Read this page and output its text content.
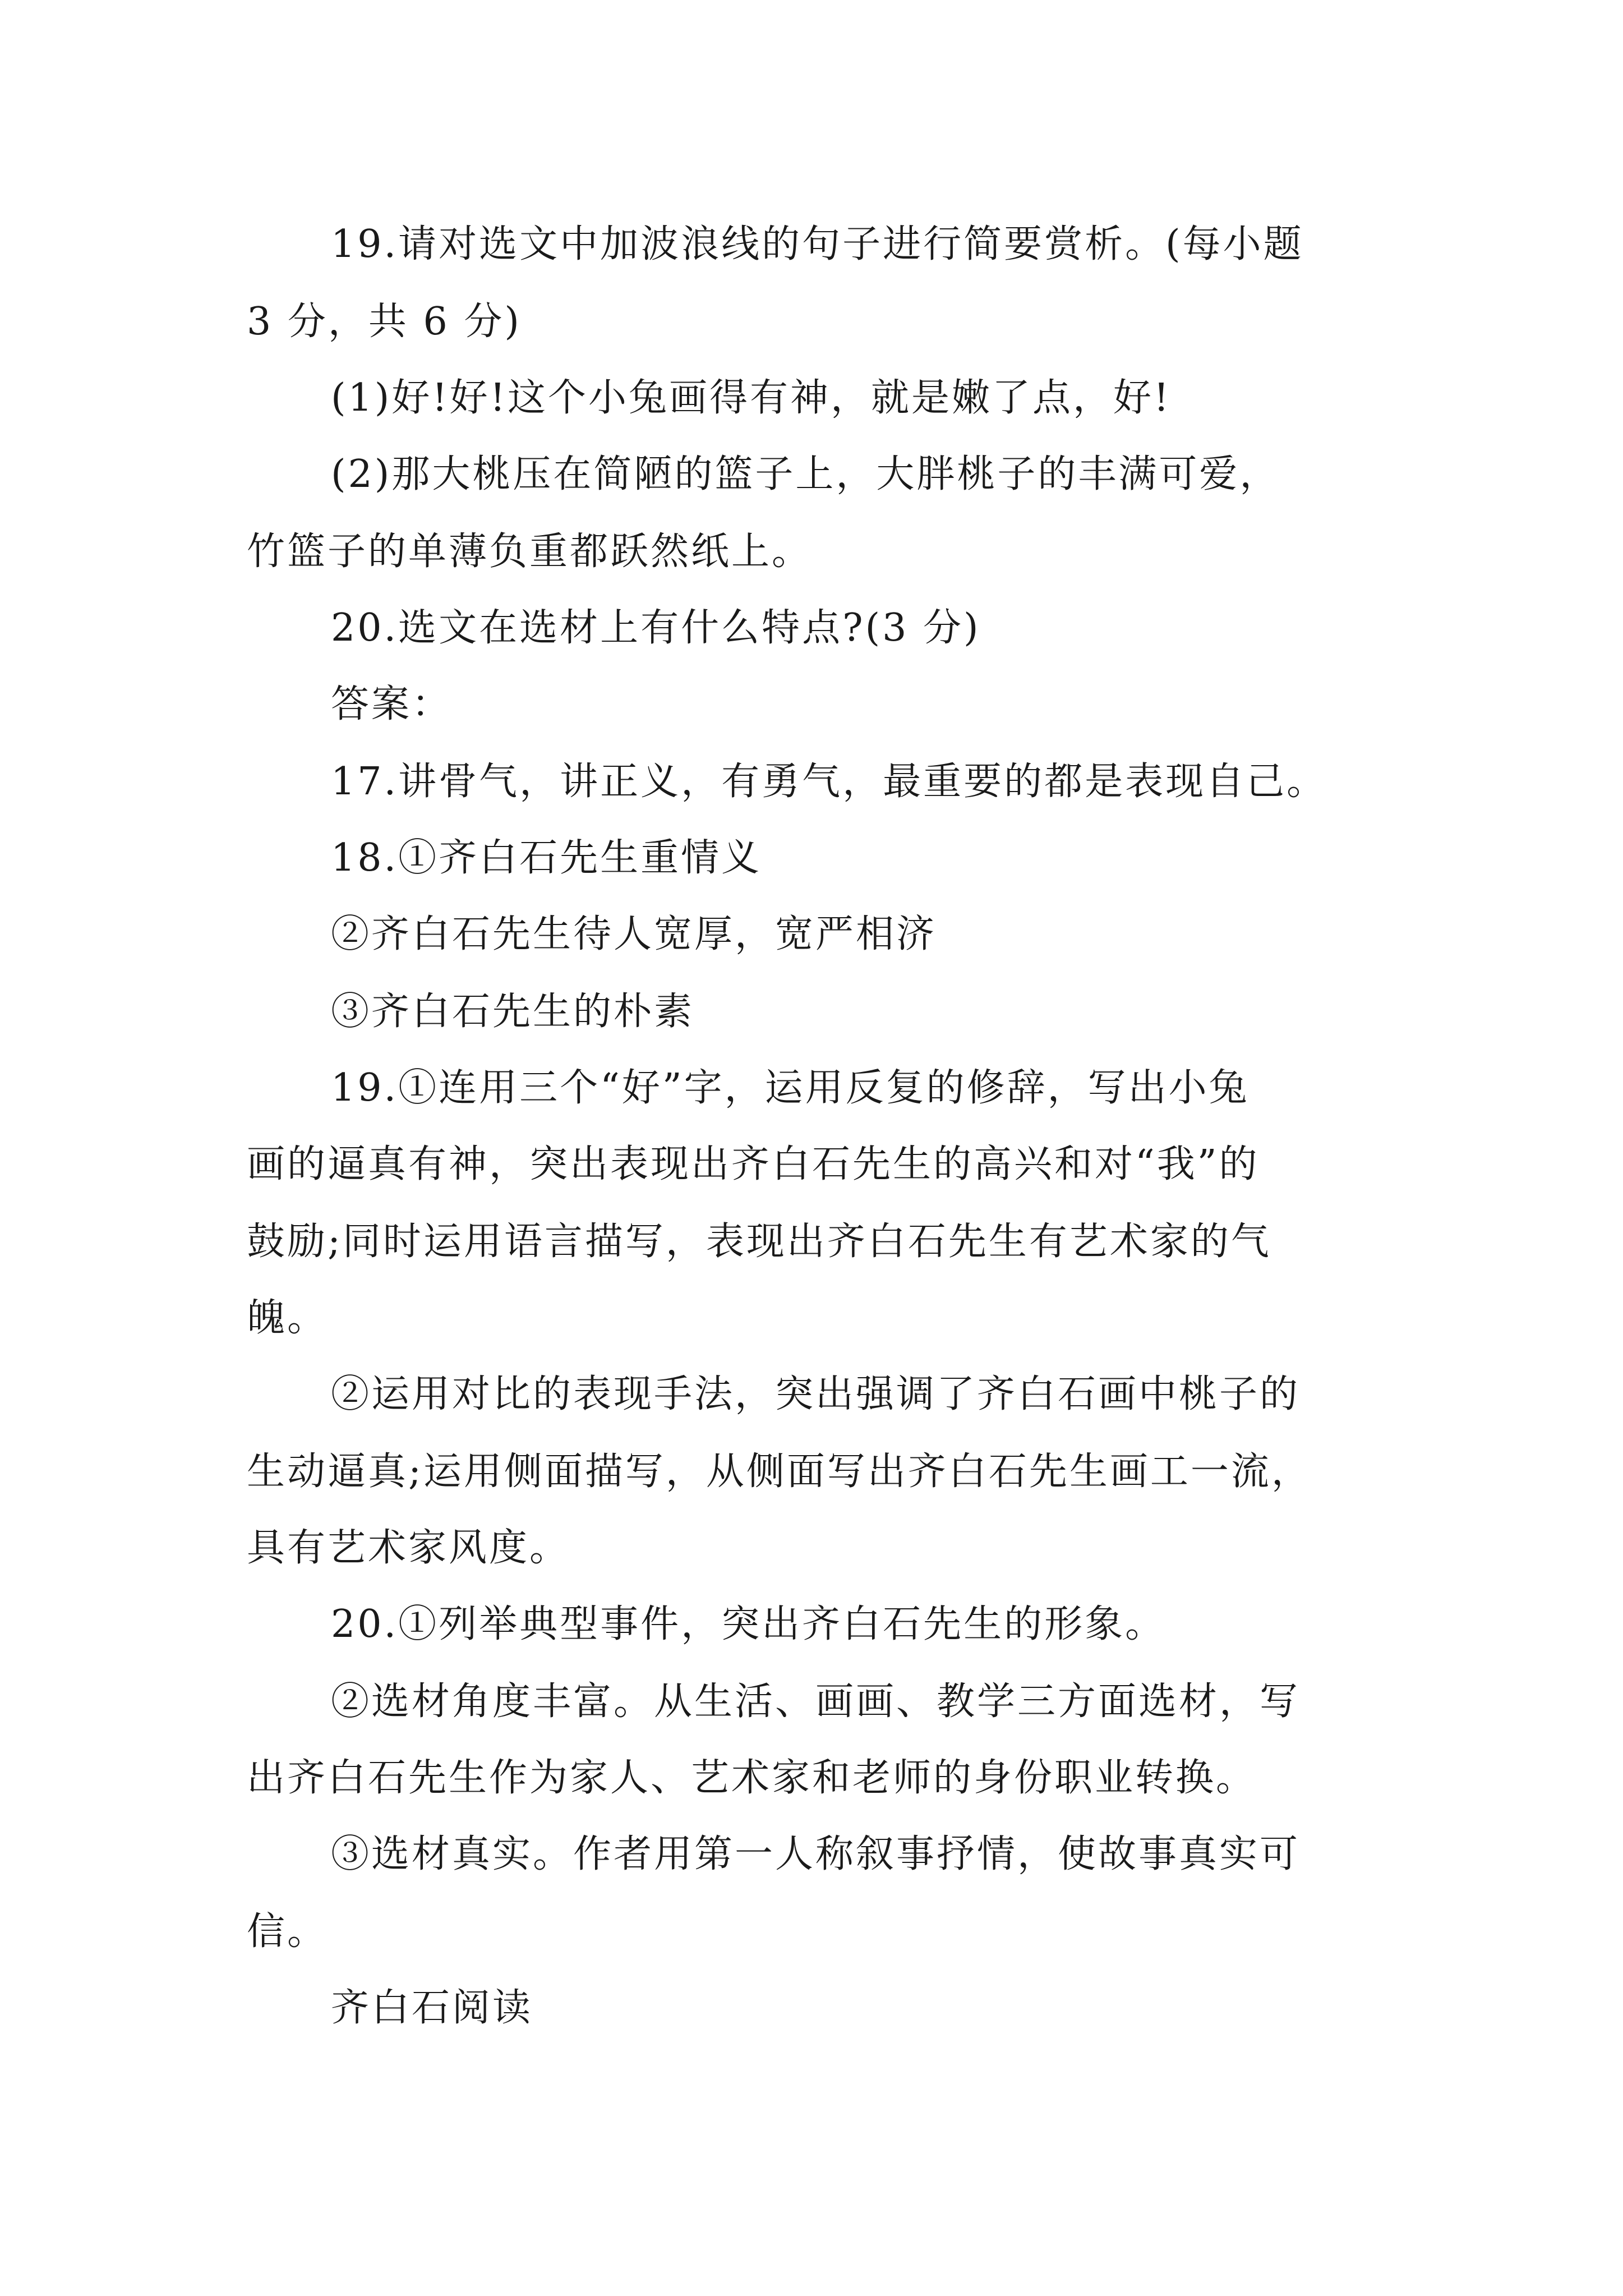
19.请对选文中加波浪线的句子进行简要赏析。(每小题
3 分，共 6 分)
(1)好!好!这个小兔画得有神，就是嫩了点，好!
(2)那大桃压在简陋的篮子上，大胖桃子的丰满可爱，
竹篮子的单薄负重都跃然纸上。
20.选文在选材上有什么特点?(3 分)
答案：
17.讲骨气，讲正义，有勇气，最重要的都是表现自己。
18.①齐白石先生重情义
②齐白石先生待人宽厚，宽严相济
③齐白石先生的朴素
19.①连用三个“好”字，运用反复的修辞，写出小兔
画的逼真有神，突出表现出齐白石先生的高兴和对“我”的
鼓励;同时运用语言描写，表现出齐白石先生有艺术家的气
魄。
②运用对比的表现手法，突出强调了齐白石画中桃子的
生动逼真;运用侧面描写，从侧面写出齐白石先生画工一流，
具有艺术家风度。
20.①列举典型事件，突出齐白石先生的形象。
②选材角度丰富。从生活、画画、教学三方面选材，写
出齐白石先生作为家人、艺术家和老师的身份职业转换。
③选材真实。作者用第一人称叙事抒情，使故事真实可
信。
齐白石阅读
